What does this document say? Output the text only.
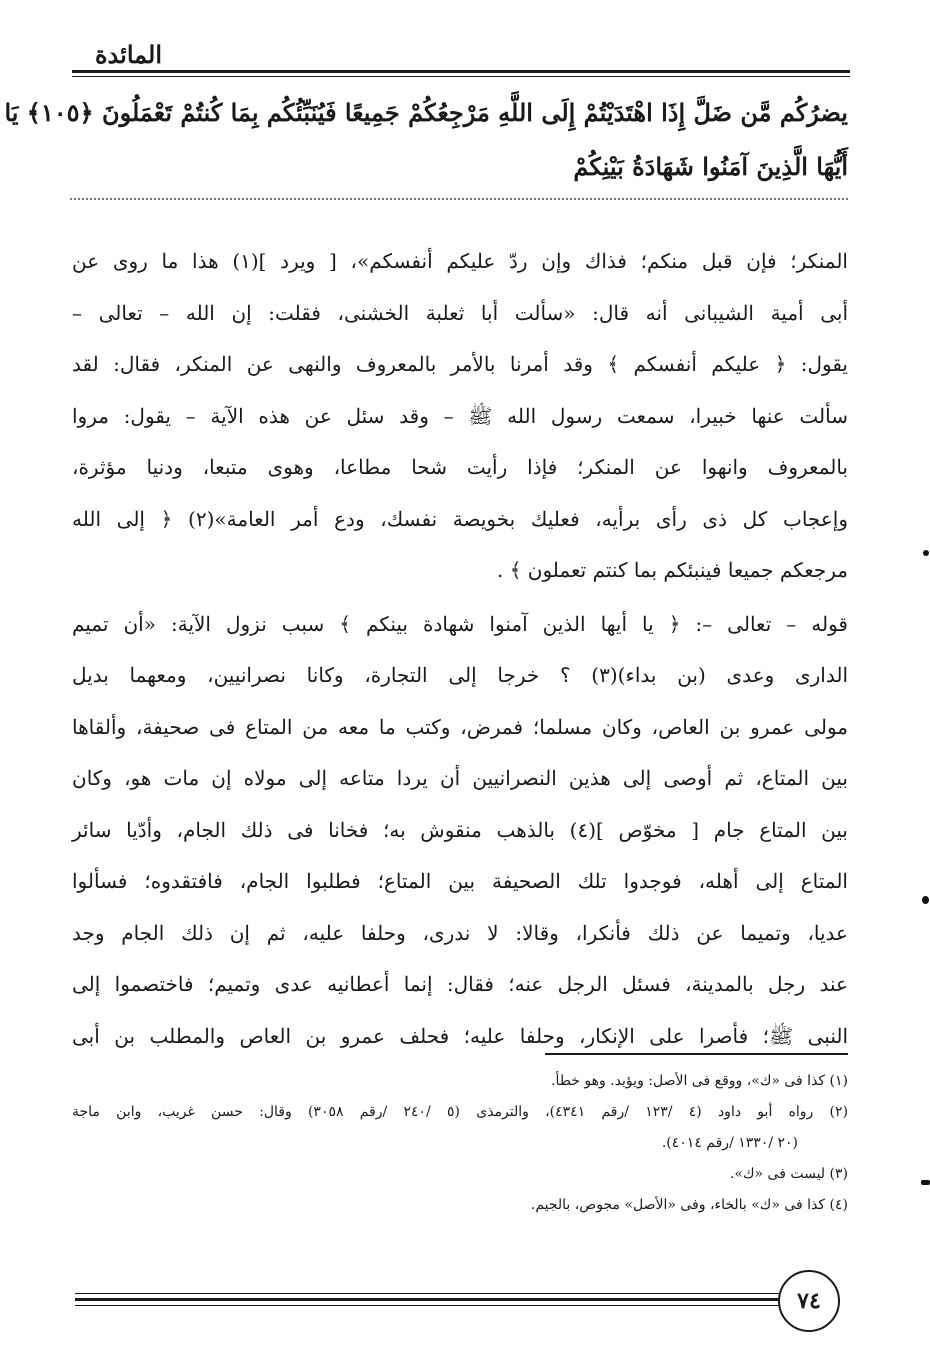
المائدة
يضرُكُم مَّن ضَلَّ إِذَا اهْتَدَيْتُمْ إِلَى اللَّهِ مَرْجِعُكُمْ جَمِيعًا فَيُنَبِّئُكُم بِمَا كُنتُمْ تَعْمَلُونَ ﴿١٠٥﴾ يَا
أَيُّهَا الَّذِينَ آمَنُوا شَهَادَةُ بَيْنِكُمْ
المنكر؛ فإن قبل منكم؛ فذاك وإن ردّ عليكم أنفسكم»، [ ويرد ](١) هذا ما روى عن
أبى أمية الشيبانى أنه قال: «سألت أبا ثعلبة الخشنى، فقلت: إن الله – تعالى –
يقول: ﴿ عليكم أنفسكم ﴾ وقد أمرنا بالأمر بالمعروف والنهى عن المنكر، فقال: لقد
سألت عنها خبيرا، سمعت رسول الله ﷺ – وقد سئل عن هذه الآية – يقول: مروا
بالمعروف وانهوا عن المنكر؛ فإذا رأيت شحا مطاعا، وهوى متبعا، ودنيا مؤثرة،
وإعجاب كل ذى رأى برأيه، فعليك بخويصة نفسك، ودع أمر العامة»(٢) ﴿ إلى الله
مرجعكم جميعا فينبئكم بما كنتم تعملون ﴾ .
قوله – تعالى –: ﴿ يا أيها الذين آمنوا شهادة بينكم ﴾ سبب نزول الآية: «أن تميم
الدارى وعدى (بن بداء)(٣) ؟ خرجا إلى التجارة، وكانا نصرانيين، ومعهما بديل
مولى عمرو بن العاص، وكان مسلما؛ فمرض، وكتب ما معه من المتاع فى صحيفة، وألقاها
بين المتاع، ثم أوصى إلى هذين النصرانيين أن يردا متاعه إلى مولاه إن مات هو، وكان
بين المتاع جام [ مخوّص ](٤) بالذهب منقوش به؛ فخانا فى ذلك الجام، وأدّيا سائر
المتاع إلى أهله، فوجدوا تلك الصحيفة بين المتاع؛ فطلبوا الجام، فافتقدوه؛ فسألوا
عديا، وتميما عن ذلك فأنكرا، وقالا: لا ندرى، وحلفا عليه، ثم إن ذلك الجام وجد
عند رجل بالمدينة، فسئل الرجل عنه؛ فقال: إنما أعطانيه عدى وتميم؛ فاختصموا إلى
النبى ﷺ؛ فأصرا على الإنكار، وحلفا عليه؛ فحلف عمرو بن العاص والمطلب بن أبى
(١) كذا فى «ك»، ووقع فى الأصل: ويؤيد. وهو خطأ.
(٢) رواه أبو داود (٤ /١٢٣ /رقم ٤٣٤١)، والترمذى (٥ /٢٤٠ /رقم ٣٠٥٨) وقال: حسن غريب، وابن ماجة
(٢٠ /١٣٣٠ /رقم ٤٠١٤).
(٣) ليست فى «ك».
(٤) كذا فى «ك» بالخاء، وفى «الأصل» مجوص، بالجيم.
٧٤
